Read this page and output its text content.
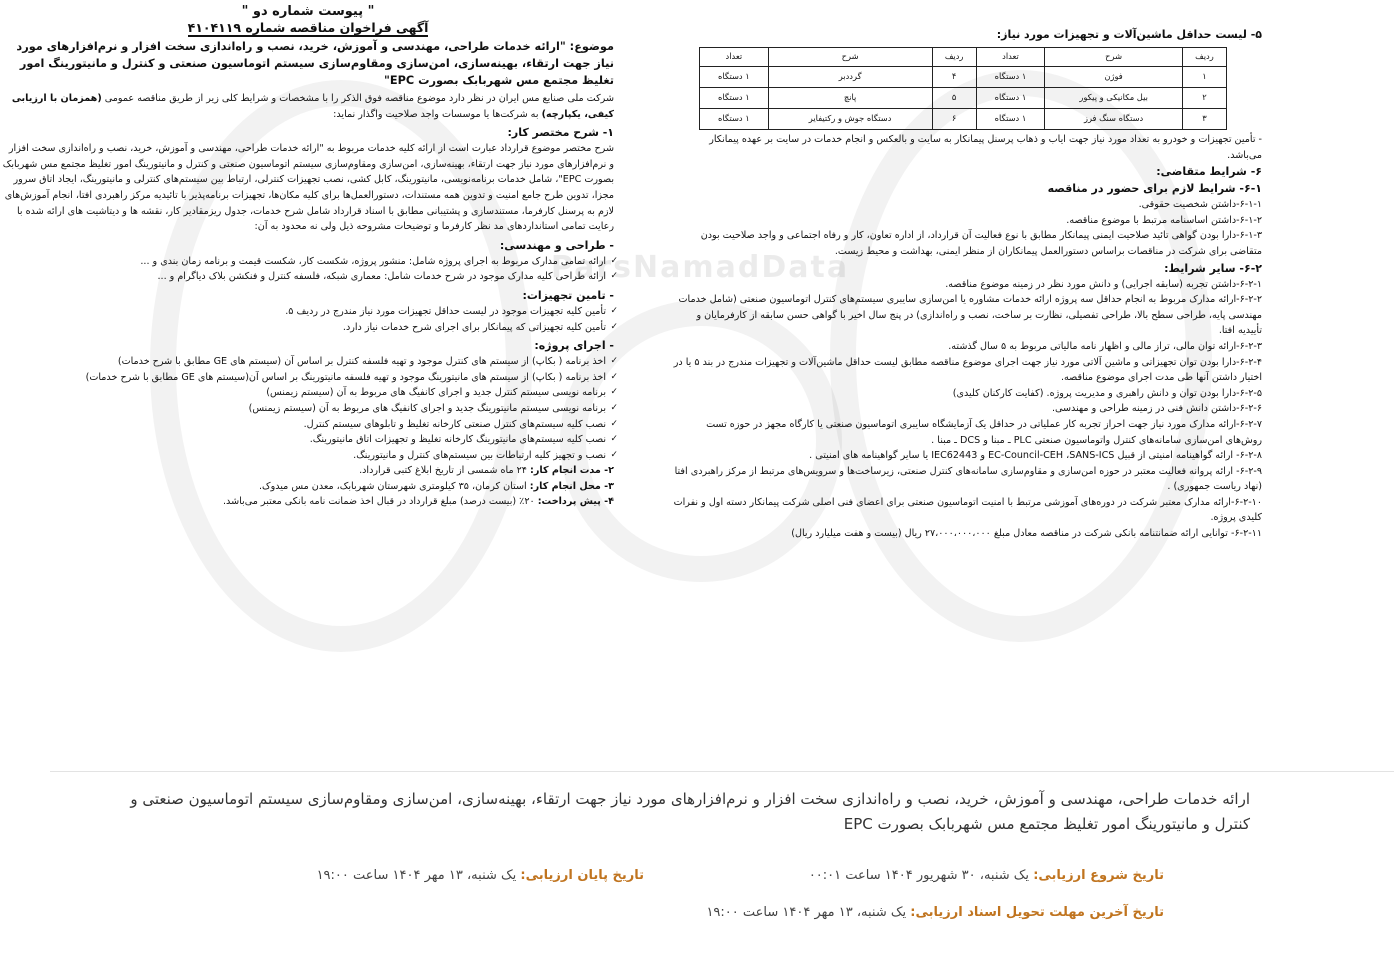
ParsNamadData

" پیوست شماره دو "

آگهی فراخوان مناقصه شماره ۴۱۰۴۱۱۹

موضوع: "ارائه خدمات طراحی، مهندسی و آموزش، خرید، نصب و راه‌اندازی سخت افزار و نرم‌افزارهای مورد نیاز جهت ارتقاء، بهینه‌سازی، امن‌سازی ومقاوم‌سازی سیستم اتوماسیون صنعتی و کنترل و مانیتورینگ امور تغلیظ مجتمع مس شهربابک بصورت EPC"

شرکت ملی صنایع مس ایران در نظر دارد موضوع مناقصه فوق الذکر را با مشخصات و شرایط کلی زیر از طریق مناقصه عمومی (همزمان با ارزیابی کیفی، یکپارچه) به شرکت‌ها یا موسسات واجد صلاحیت واگذار نماید:

۱- شرح مختصر کار:

شرح مختصر موضوع قرارداد عبارت است از ارائه کلیه خدمات مربوط به "ارائه خدمات طراحی، مهندسی و آموزش، خرید، نصب و راه‌اندازی سخت افزار و نرم‌افزارهای مورد نیاز جهت ارتقاء، بهینه‌سازی، امن‌سازی ومقاوم‌سازی سیستم اتوماسیون صنعتی و کنترل و مانیتورینگ امور تغلیظ مجتمع مس شهربابک بصورت EPC"، شامل خدمات برنامه‌نویسی، مانیتورینگ، کابل کشی، نصب تجهیزات کنترلی، ارتباط بین سیستم‌های کنترلی و مانیتورینگ، ایجاد اتاق سرور مجزا، تدوین طرح جامع امنیت و تدوین همه مستندات، دستورالعمل‌ها برای کلیه مکان‌ها، تجهیزات برنامه‌پذیر با تائیدیه مرکز راهبردی افتا، انجام آموزش‌های لازم به پرسنل کارفرما، مستندسازی و پشتیبانی مطابق با اسناد قرارداد شامل شرح خدمات، جدول ریزمقادیر کار، نقشه ها و دیتاشیت های ارائه شده با رعایت تمامی استانداردهای مد نظر کارفرما و توضیحات مشروحه ذیل ولی نه محدود به آن:

- طراحی و مهندسی:

✓ ارائه تمامی مدارک مربوط به اجرای پروژه شامل: منشور پروژه، شکست کار، شکست قیمت و برنامه زمان بندی و ...

✓ ارائه طراحی کلیه مدارک موجود در شرح خدمات شامل: معماری شبکه، فلسفه کنترل و فنکشن بلاک دیاگرام و ...

- تامین تجهیزات:

✓ تأمین کلیه تجهیزات موجود در لیست حداقل تجهیزات مورد نیاز مندرج در ردیف ۵.

✓ تأمین کلیه تجهیزاتی که پیمانکار برای اجرای شرح خدمات نیاز دارد.

- اجرای پروژه:

✓ اخذ برنامه ( بکاپ) از سیستم های کنترل موجود و تهیه فلسفه کنترل بر اساس آن (سیستم های GE مطابق با شرح خدمات)

✓ اخذ برنامه ( بکاپ) از سیستم های مانیتورینگ موجود و تهیه فلسفه مانیتورینگ بر اساس آن(سیستم های GE مطابق با شرح خدمات)

✓ برنامه نویسی سیستم کنترل جدید و اجرای کانفیگ های مربوط به آن (سیستم زیمنس)

✓ برنامه نویسی سیستم مانیتورینگ جدید و اجرای کانفیگ های مربوط به آن (سیستم زیمنس)

✓ نصب کلیه سیستم‌های کنترل صنعتی کارخانه تغلیظ و تابلوهای سیستم کنترل.

✓ نصب کلیه سیستم‌های مانیتورینگ کارخانه تغلیظ و تجهیزات اتاق مانیتورینگ.

✓ نصب و تجهیز کلیه ارتباطات بین سیستم‌های کنترل و مانیتورینگ.

۲- مدت انجام کار: ۲۴ ماه شمسی از تاریخ ابلاغ کتبی قرارداد.

۳- محل انجام کار: استان کرمان، ۳۵ کیلومتری شهرستان شهربابک، معدن مس میدوک.

۴- پیش پرداخت: ۲۰٪ (بیست درصد) مبلغ قرارداد در قبال اخذ ضمانت نامه بانکی معتبر می‌باشد.

۵- لیست حداقل ماشین‌آلات و تجهیزات مورد نیاز:

ردیف	شرح	تعداد	ردیف	شرح	تعداد
۱	فوژن	۱ دستگاه	۴	گرددبر	۱ دستگاه
۲	بیل مکانیکی و پیکور	۱ دستگاه	۵	پانچ	۱ دستگاه
۳	دستگاه سنگ فرز	۱ دستگاه	۶	دستگاه جوش و رکتیفایر	۱ دستگاه

- تأمین تجهیزات و خودرو به تعداد مورد نیاز جهت ایاب و ذهاب پرسنل پیمانکار به سایت و بالعکس و انجام خدمات در سایت بر عهده پیمانکار می‌باشد.

۶- شرایط متقاضی:

۶-۱- شرایط لازم برای حضور در مناقصه

۶-۱-۱-داشتن شخصیت حقوقی.

۶-۱-۲-داشتن اساسنامه مرتبط با موضوع مناقصه.

۶-۱-۳-دارا بودن گواهی تائید صلاحیت ایمنی پیمانکار مطابق با نوع فعالیت آن قرارداد، از اداره تعاون، کار و رفاه اجتماعی و واجد صلاحیت بودن متقاضی برای شرکت در مناقصات براساس دستورالعمل پیمانکاران از منظر ایمنی، بهداشت و محیط زیست.

۶-۲- سایر شرایط:

۶-۲-۱-داشتن تجربه (سابقه اجرایی) و دانش مورد نظر در زمینه موضوع مناقصه.

۶-۲-۲-ارائه مدارک مربوط به انجام حداقل سه پروژه ارائه خدمات مشاوره یا امن‌سازی سایبری سیستم‌های کنترل اتوماسیون صنعتی (شامل خدمات مهندسی پایه، طراحی سطح بالا، طراحی تفصیلی، نظارت بر ساخت، نصب و راه‌اندازی) در پنج سال اخیر با گواهی حسن سابقه از کارفرمایان و تأییدیه افتا.

۶-۲-۳-ارائه توان مالی، تراز مالی و اظهار نامه مالیاتی مربوط به ۵ سال گذشته.

۶-۲-۴-دارا بودن توان تجهیزاتی و ماشین آلاتی مورد نیاز جهت اجرای موضوع مناقصه مطابق لیست حداقل ماشین‌آلات و تجهیزات مندرج در بند ۵ یا در اختیار داشتن آنها طی مدت اجرای موضوع مناقصه.

۶-۲-۵-دارا بودن توان و دانش راهبری و مدیریت پروژه. (کفایت کارکنان کلیدی)

۶-۲-۶-داشتن دانش فنی در زمینه طراحی و مهندسی.

۶-۲-۷-ارائه مدارک مورد نیاز جهت احراز تجربه کار عملیاتی در حداقل یک آزمایشگاه سایبری اتوماسیون صنعتی یا کارگاه مجهز در حوزه تست روش‌های امن‌سازی سامانه‌های کنترل واتوماسیون صنعتی PLC ـ مبنا و DCS ـ مبنا .

۶-۲-۸- ارائه گواهینامه امنیتی از قبیل EC-Council-CEH ،SANS-ICS و IEC62443 یا سایر گواهینامه های امنیتی .

۶-۲-۹- ارائه پروانه فعالیت معتبر در حوزه امن‌سازی و مقاوم‌سازی سامانه‌های کنترل صنعتی، زیرساخت‌ها و سرویس‌های مرتبط از مرکز راهبردی افتا (نهاد ریاست جمهوری) .

۶-۲-۱۰-ارائه مدارک معتبر شرکت در دوره‌های آموزشی مرتبط با امنیت اتوماسیون صنعتی برای اعضای فنی اصلی شرکت پیمانکار دسته اول و نفرات کلیدی پروژه.

۶-۲-۱۱- توانایی ارائه ضمانتنامه بانکی شرکت در مناقصه معادل مبلغ ۲۷،۰۰۰،۰۰۰،۰۰۰ ریال (بیست و هفت میلیارد ریال)

ارائه خدمات طراحی، مهندسی و آموزش، خرید، نصب و راه‌اندازی سخت افزار و نرم‌افزارهای مورد نیاز جهت ارتقاء، بهینه‌سازی، امن‌سازی ومقاوم‌سازی سیستم اتوماسیون صنعتی و کنترل و مانیتورینگ امور تغلیظ مجتمع مس شهربابک بصورت EPC
تاریخ شروع ارزیابی: یک شنبه، ۳۰ شهریور ۱۴۰۴ ساعت ۰۰:۰۱
تاریخ پایان ارزیابی: یک شنبه، ۱۳ مهر ۱۴۰۴ ساعت ۱۹:۰۰
تاریخ آخرین مهلت تحویل اسناد ارزیابی: یک شنبه، ۱۳ مهر ۱۴۰۴ ساعت ۱۹:۰۰
